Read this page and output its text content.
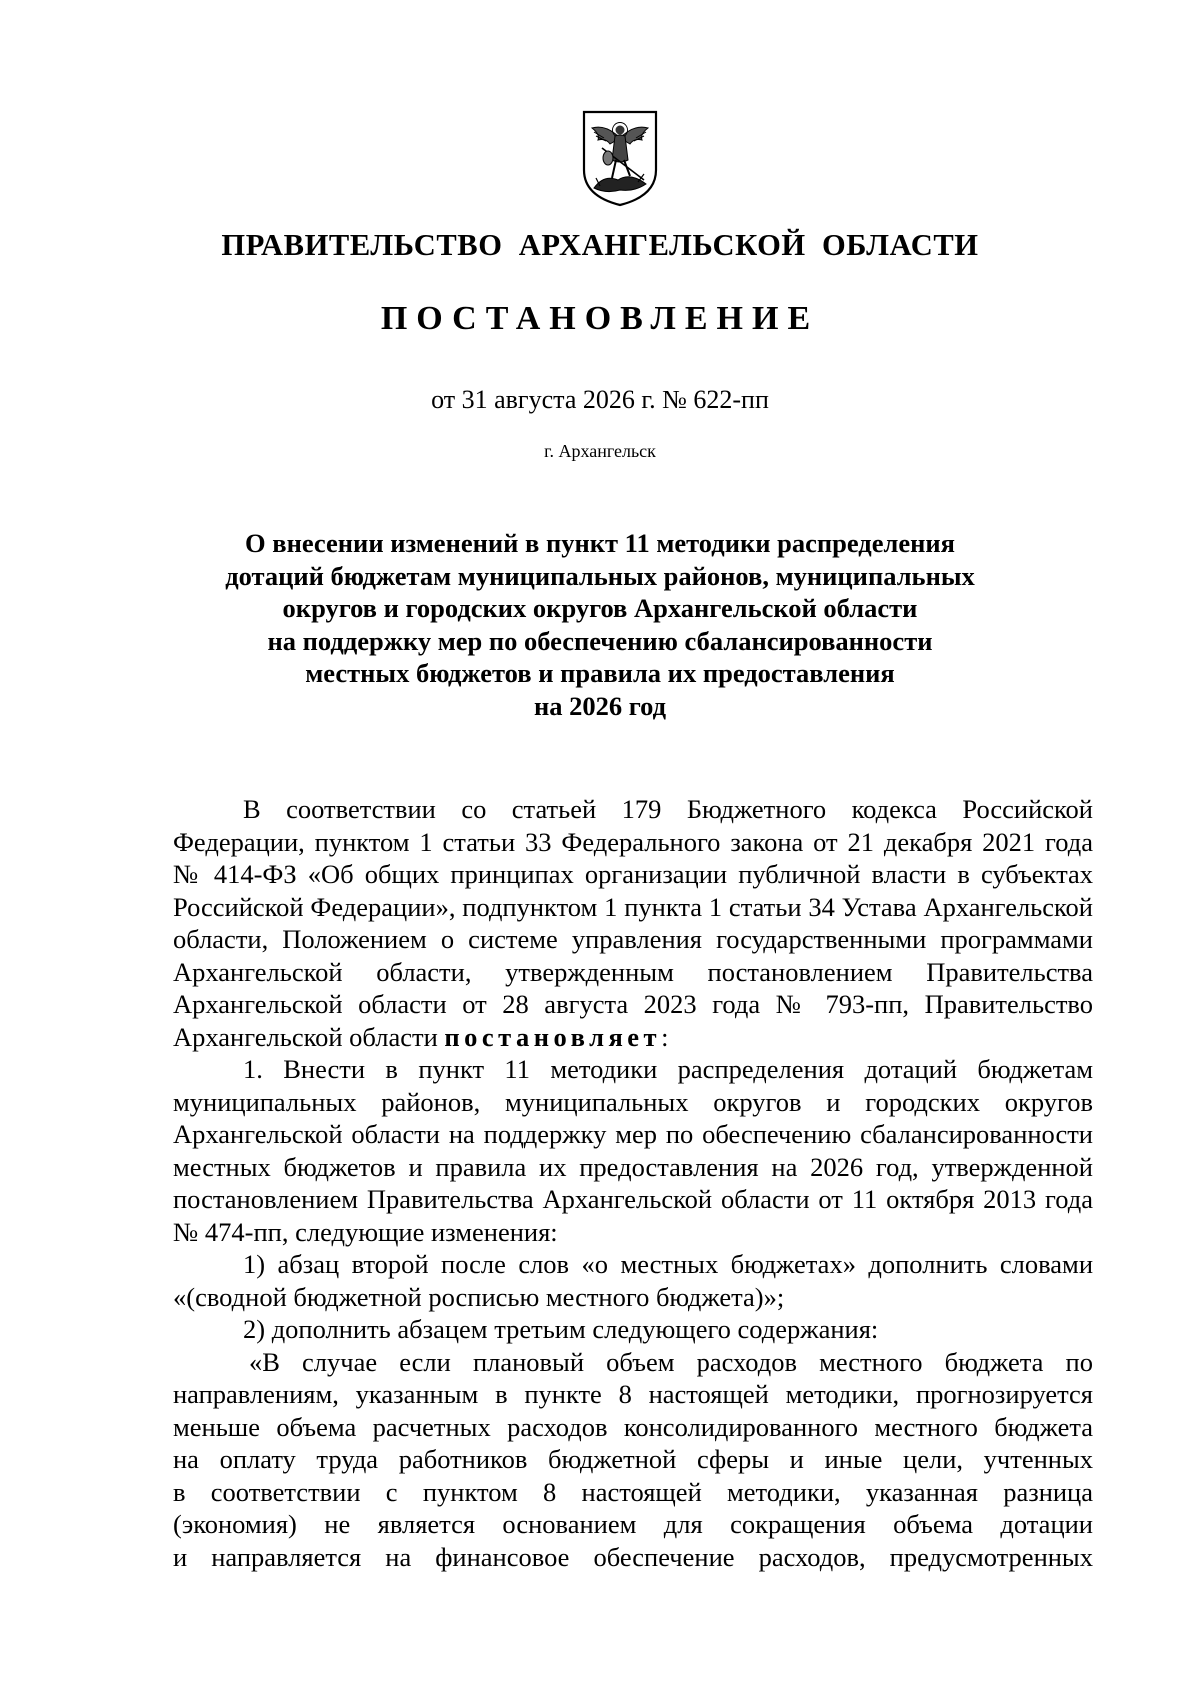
ПРАВИТЕЛЬСТВО АРХАНГЕЛЬСКОЙ ОБЛАСТИ
ПОСТАНОВЛЕНИЕ
от 31 августа 2026 г. № 622-пп
г. Архангельск
О внесении изменений в пункт 11 методики распределения
дотаций бюджетам муниципальных районов, муниципальных
округов и городских округов Архангельской области
на поддержку мер по обеспечению сбалансированности
местных бюджетов и правила их предоставления
на 2026 год
В соответствии со статьей 179 Бюджетного кодекса Российской
Федерации, пунктом 1 статьи 33 Федерального закона от 21 декабря 2021 года
№ 414-ФЗ «Об общих принципах организации публичной власти в субъектах
Российской Федерации», подпунктом 1 пункта 1 статьи 34 Устава Архангельской
области, Положением о системе управления государственными программами
Архангельской области, утвержденным постановлением Правительства
Архангельской области от 28 августа 2023 года № 793-пп, Правительство
Архангельской области постановляет:
1. Внести в пункт 11 методики распределения дотаций бюджетам
муниципальных районов, муниципальных округов и городских округов
Архангельской области на поддержку мер по обеспечению сбалансированности
местных бюджетов и правила их предоставления на 2026 год, утвержденной
постановлением Правительства Архангельской области от 11 октября 2013 года
№ 474-пп, следующие изменения:
1) абзац второй после слов «о местных бюджетах» дополнить словами
«(сводной бюджетной росписью местного бюджета)»;
2) дополнить абзацем третьим следующего содержания:
«В случае если плановый объем расходов местного бюджета по
направлениям, указанным в пункте 8 настоящей методики, прогнозируется
меньше объема расчетных расходов консолидированного местного бюджета
на оплату труда работников бюджетной сферы и иные цели, учтенных
в соответствии с пунктом 8 настоящей методики, указанная разница
(экономия) не является основанием для сокращения объема дотации
и направляется на финансовое обеспечение расходов, предусмотренных
